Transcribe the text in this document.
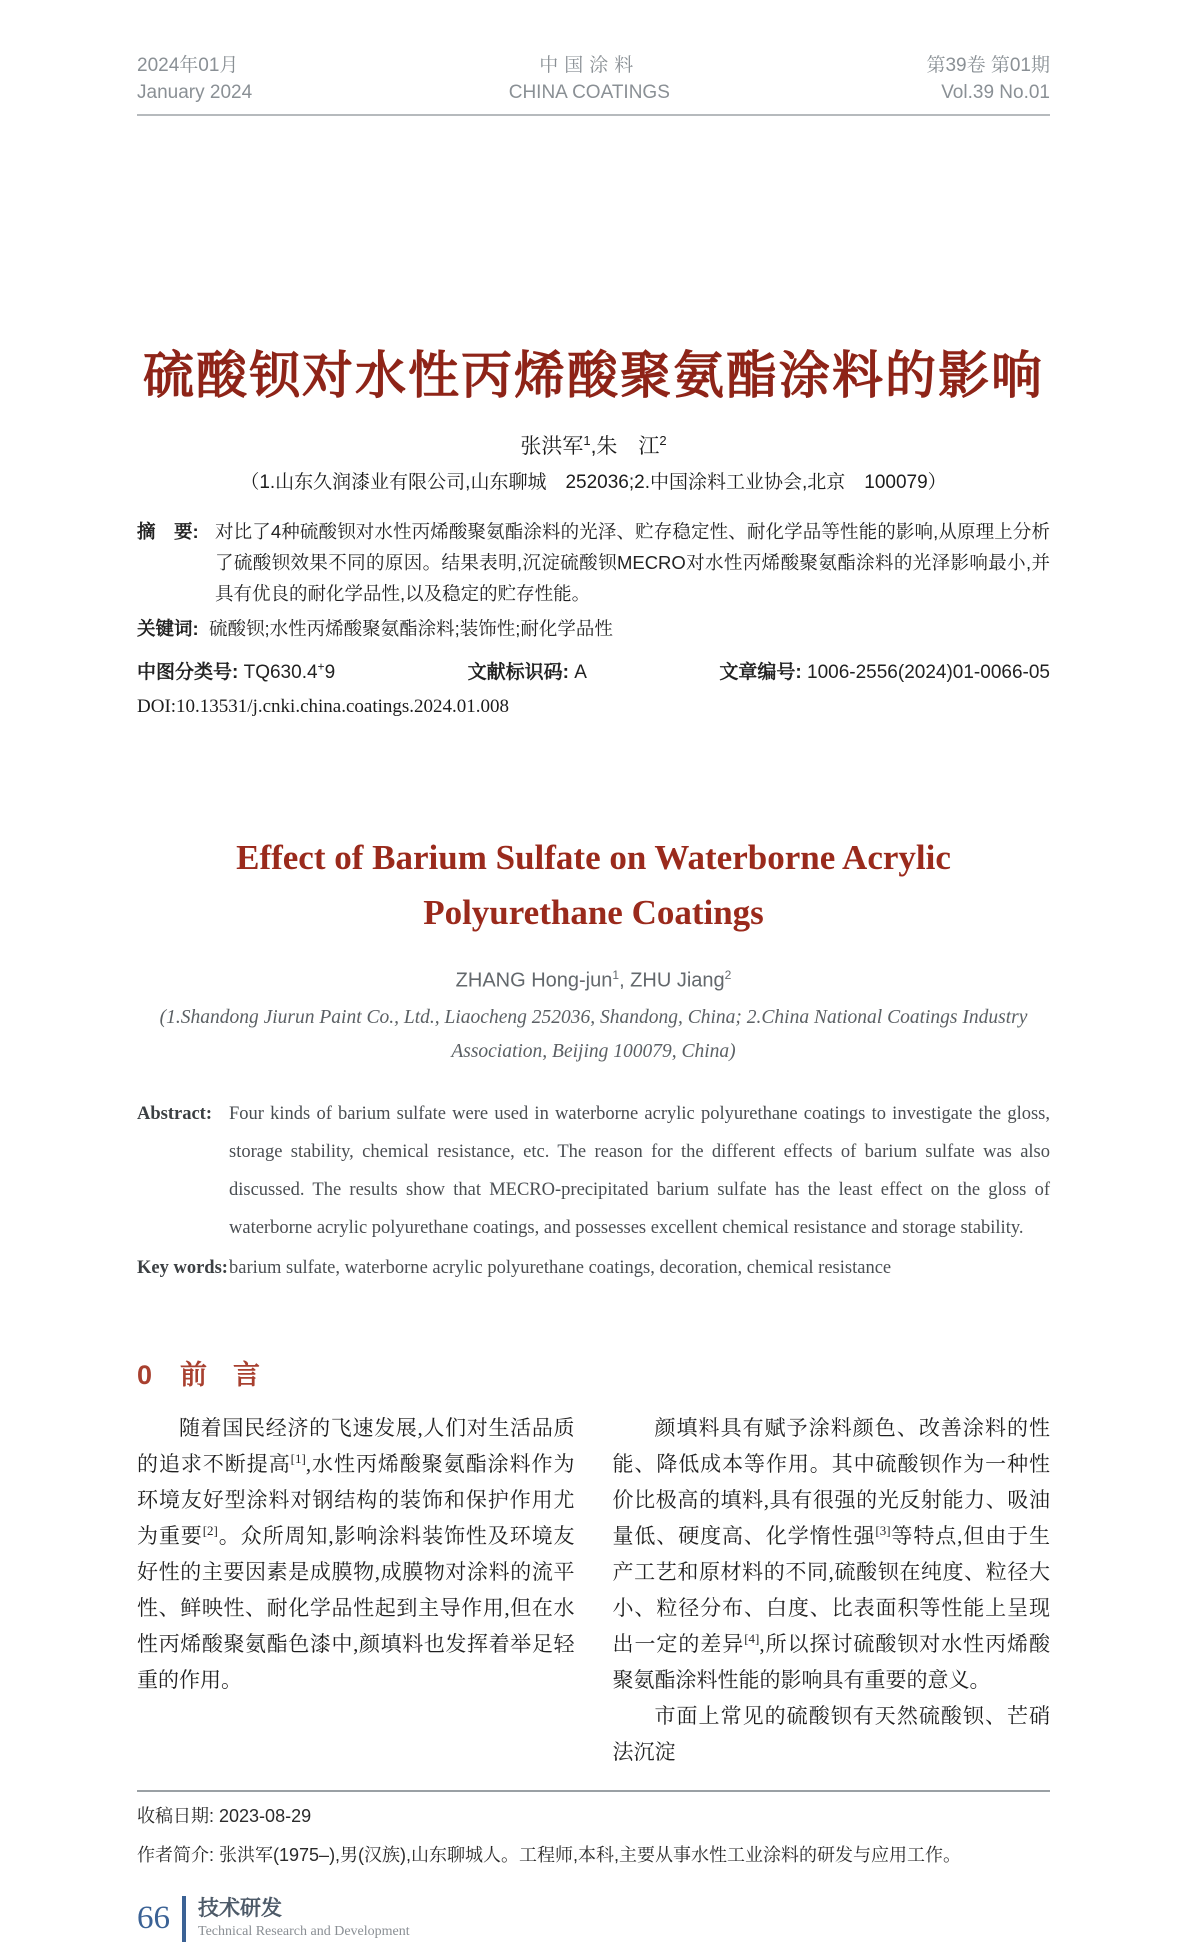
2024年01月
January 2024
中国涂料
CHINA COATINGS
第39卷 第01期
Vol.39 No.01
硫酸钡对水性丙烯酸聚氨酯涂料的影响
张洪军$^1$,朱　江$^2$
（1.山东久润漆业有限公司,山东聊城　252036;2.中国涂料工业协会,北京　100079）
摘　要: 对比了4种硫酸钡对水性丙烯酸聚氨酯涂料的光泽、贮存稳定性、耐化学品等性能的影响,从原理上分析了硫酸钡效果不同的原因。结果表明,沉淀硫酸钡MECRO对水性丙烯酸聚氨酯涂料的光泽影响最小,并具有优良的耐化学品性,以及稳定的贮存性能。
关键词: 硫酸钡;水性丙烯酸聚氨酯涂料;装饰性;耐化学品性
中图分类号: TQ630.4+9	文献标识码: A	文章编号: 1006-2556(2024)01-0066-05
DOI:10.13531/j.cnki.china.coatings.2024.01.008
Effect of Barium Sulfate on Waterborne Acrylic
Polyurethane Coatings
ZHANG Hong-jun$^1$, ZHU Jiang$^2$
(1.Shandong Jiurun Paint Co., Ltd., Liaocheng 252036, Shandong, China; 2.China National Coatings Industry Association, Beijing 100079, China)
Abstract: Four kinds of barium sulfate were used in waterborne acrylic polyurethane coatings to investigate the gloss, storage stability, chemical resistance, etc. The reason for the different effects of barium sulfate was also discussed. The results show that MECRO-precipitated barium sulfate has the least effect on the gloss of waterborne acrylic polyurethane coatings, and possesses excellent chemical resistance and storage stability.
Key words: barium sulfate, waterborne acrylic polyurethane coatings, decoration, chemical resistance
0 前言

随着国民经济的飞速发展,人们对生活品质的追求不断提高[1],水性丙烯酸聚氨酯涂料作为环境友好型涂料对钢结构的装饰和保护作用尤为重要[2]。众所周知,影响涂料装饰性及环境友好性的主要因素是成膜物,成膜物对涂料的流平性、鲜映性、耐化学品性起到主导作用,但在水性丙烯酸聚氨酯色漆中,颜填料也发挥着举足轻重的作用。

颜填料具有赋予涂料颜色、改善涂料的性能、降低成本等作用。其中硫酸钡作为一种性价比极高的填料,具有很强的光反射能力、吸油量低、硬度高、化学惰性强[3]等特点,但由于生产工艺和原材料的不同,硫酸钡在纯度、粒径大小、粒径分布、白度、比表面积等性能上呈现出一定的差异[4],所以探讨硫酸钡对水性丙烯酸聚氨酯涂料性能的影响具有重要的意义。

市面上常见的硫酸钡有天然硫酸钡、芒硝法沉淀

收稿日期: 2023-08-29
作者简介: 张洪军(1975–),男(汉族),山东聊城人。工程师,本科,主要从事水性工业涂料的研发与应用工作。
66 技术研发
Technical Research and Development
